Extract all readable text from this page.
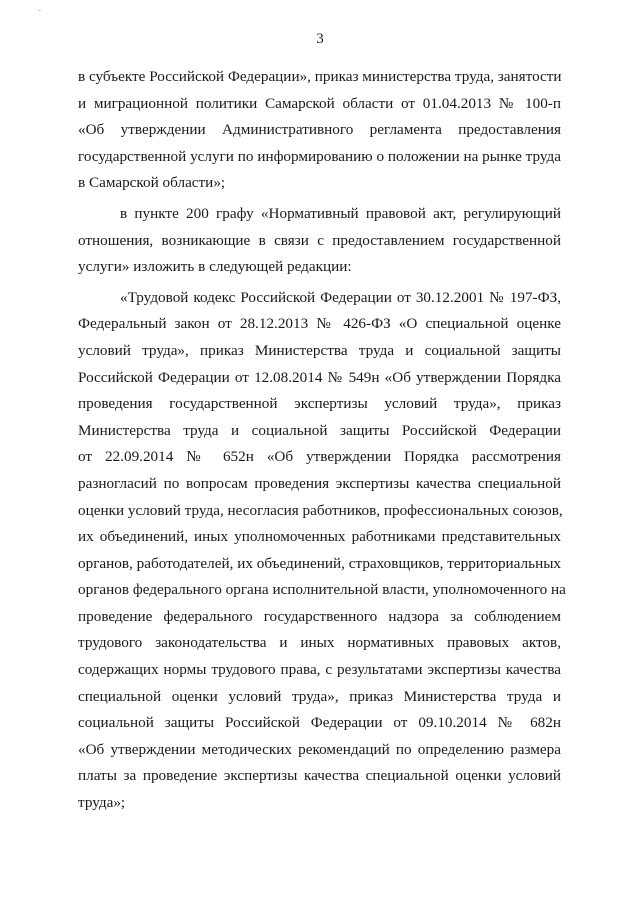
·
3
в субъекте Российской Федерации», приказ министерства труда, занятости
и миграционной политики Самарской области от 01.04.2013 № 100-п
«Об утверждении Административного регламента предоставления
государственной услуги по информированию о положении на рынке труда
в Самарской области»;
в пункте 200 графу «Нормативный правовой акт, регулирующий
отношения, возникающие в связи с предоставлением государственной
услуги» изложить в следующей редакции:
«Трудовой кодекс Российской Федерации от 30.12.2001 № 197-ФЗ,
Федеральный закон от 28.12.2013 № 426-ФЗ «О специальной оценке
условий труда», приказ Министерства труда и социальной защиты
Российской Федерации от 12.08.2014 № 549н «Об утверждении Порядка
проведения государственной экспертизы условий труда», приказ
Министерства труда и социальной защиты Российской Федерации
от 22.09.2014 № 652н «Об утверждении Порядка рассмотрения
разногласий по вопросам проведения экспертизы качества специальной
оценки условий труда, несогласия работников, профессиональных союзов,
их объединений, иных уполномоченных работниками представительных
органов, работодателей, их объединений, страховщиков, территориальных
органов федерального органа исполнительной власти, уполномоченного на
проведение федерального государственного надзора за соблюдением
трудового законодательства и иных нормативных правовых актов,
содержащих нормы трудового права, с результатами экспертизы качества
специальной оценки условий труда», приказ Министерства труда и
социальной защиты Российской Федерации от 09.10.2014 № 682н
«Об утверждении методических рекомендаций по определению размера
платы за проведение экспертизы качества специальной оценки условий
труда»;
